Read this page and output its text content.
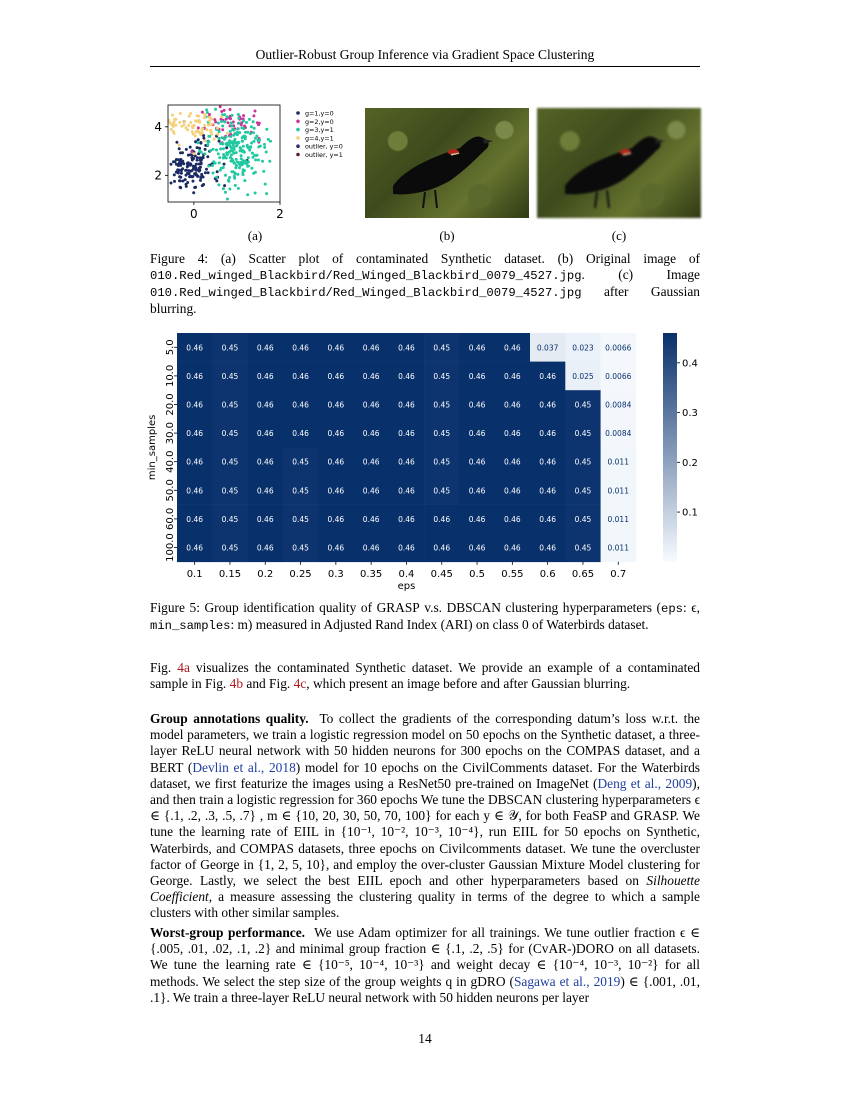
Outlier-Robust Group Inference via Gradient Space Clustering
0	2
2
4
g=1,y=0
g=2,y=0
g=3,y=1
g=4,y=1
outlier, y=0
outlier, y=1
(a)	(b)	(c)
Figure 4: (a) Scatter plot of contaminated Synthetic dataset. (b) Original image of 010.Red_winged_Blackbird/Red_Winged_Blackbird_0079_4527.jpg. (c) Image 010.Red_winged_Blackbird/Red_Winged_Blackbird_0079_4527.jpg after Gaussian blurring.
0.46 0.45 0.46 0.46 0.46 0.46 0.46 0.45 0.46 0.46 0.037 0.023 0.0066
0.46 0.45 0.46 0.46 0.46 0.46 0.46 0.45 0.46 0.46 0.46 0.025 0.0066
0.46 0.45 0.46 0.46 0.46 0.46 0.46 0.45 0.46 0.46 0.46 0.45 0.0084
0.46 0.45 0.46 0.46 0.46 0.46 0.46 0.45 0.46 0.46 0.46 0.45 0.0084
0.46 0.45 0.46 0.45 0.46 0.46 0.46 0.45 0.46 0.46 0.46 0.45 0.011
0.46 0.45 0.46 0.45 0.46 0.46 0.46 0.45 0.46 0.46 0.46 0.45 0.011
0.46 0.45 0.46 0.45 0.46 0.46 0.46 0.46 0.46 0.46 0.46 0.45 0.011
0.46 0.45 0.46 0.45 0.46 0.46 0.46 0.46 0.46 0.46 0.46 0.45 0.011
0.1 0.15 0.2 0.25 0.3 0.35 0.4 0.45 0.5 0.55 0.6 0.65 0.7
eps
5.0
10.0
20.0
30.0
40.0
50.0
60.0
100.0
min_samples
0.1
0.2
0.3
0.4
Figure 5: Group identification quality of GRASP v.s. DBSCAN clustering hyperparameters (eps: ϵ, min_samples: m) measured in Adjusted Rand Index (ARI) on class 0 of Waterbirds dataset.
Fig. 4a visualizes the contaminated Synthetic dataset. We provide an example of a contaminated sample in Fig. 4b and Fig. 4c, which present an image before and after Gaussian blurring.
Group annotations quality. To collect the gradients of the corresponding datum’s loss w.r.t. the model parameters, we train a logistic regression model on 50 epochs on the Synthetic dataset, a three-layer ReLU neural network with 50 hidden neurons for 300 epochs on the COMPAS dataset, and a BERT (Devlin et al., 2018) model for 10 epochs on the CivilComments dataset. For the Waterbirds dataset, we first featurize the images using a ResNet50 pre-trained on ImageNet (Deng et al., 2009), and then train a logistic regression for 360 epochs We tune the DBSCAN clustering hyperparameters ϵ ∈ {.1, .2, .3, .5, .7} , m ∈ {10, 20, 30, 50, 70, 100} for each y ∈ 𝒴, for both FeaSP and GRASP. We tune the learning rate of EIIL in {10⁻¹, 10⁻², 10⁻³, 10⁻⁴}, run EIIL for 50 epochs on Synthetic, Waterbirds, and COMPAS datasets, three epochs on Civilcomments dataset. We tune the overcluster factor of George in {1, 2, 5, 10}, and employ the over-cluster Gaussian Mixture Model clustering for George. Lastly, we select the best EIIL epoch and other hyperparameters based on Silhouette Coefficient, a measure assessing the clustering quality in terms of the degree to which a sample clusters with other similar samples.
Worst-group performance. We use Adam optimizer for all trainings. We tune outlier fraction ϵ ∈ {.005, .01, .02, .1, .2} and minimal group fraction ∈ {.1, .2, .5} for (CvAR-)DORO on all datasets. We tune the learning rate ∈ {10⁻⁵, 10⁻⁴, 10⁻³} and weight decay ∈ {10⁻⁴, 10⁻³, 10⁻²} for all methods. We select the step size of the group weights q in gDRO (Sagawa et al., 2019) ∈ {.001, .01, .1}. We train a three-layer ReLU neural network with 50 hidden neurons per layer
14
